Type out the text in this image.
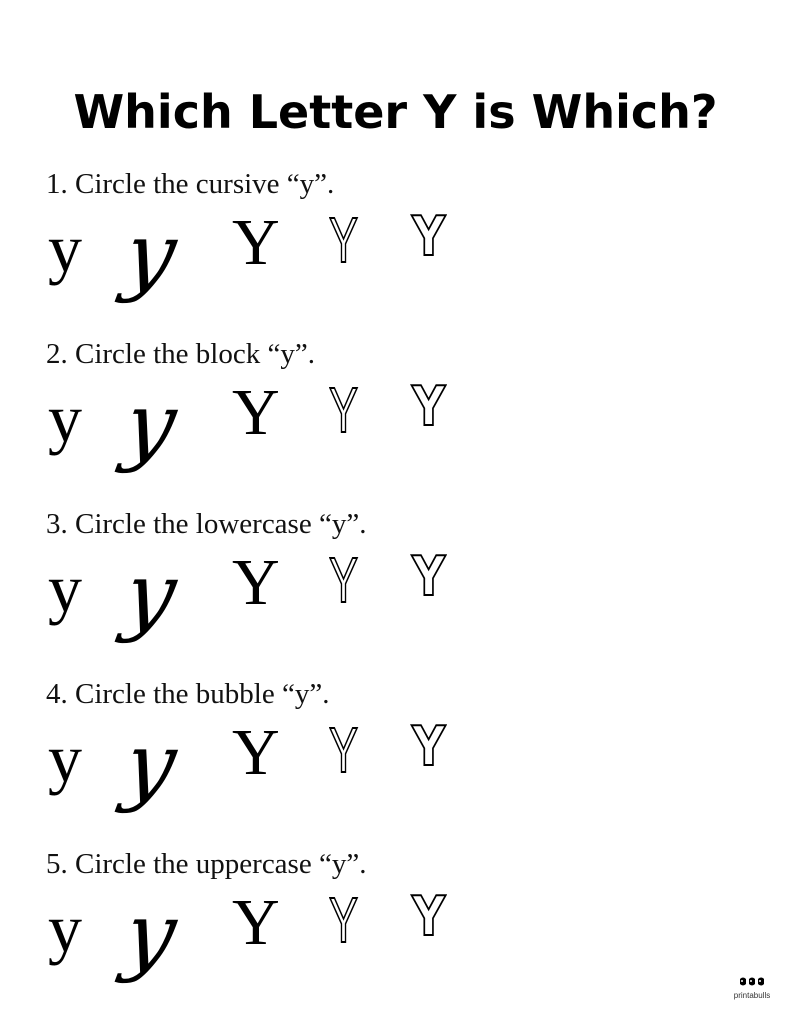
Which Letter Y is Which?
1. Circle the cursive “y”.
y y Y Y Y
2. Circle the block “y”.
y y Y Y Y
3. Circle the lowercase “y”.
y y Y Y Y
4. Circle the bubble “y”.
y y Y Y Y
5. Circle the uppercase “y”.
y y Y Y Y
printabulls
